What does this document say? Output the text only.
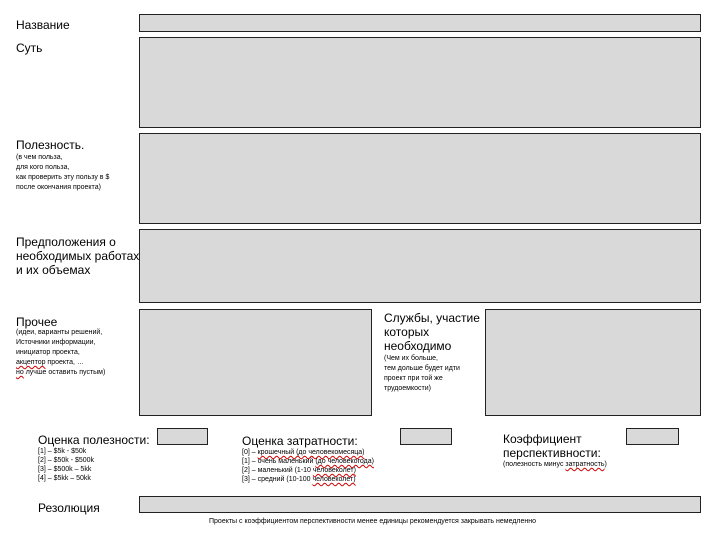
Название
Суть
Полезность.
(в чем польза,
для кого польза,
как проверить эту пользу в $
после окончания проекта)
Предположения о
необходимых работах
и их объемах
Прочее
(идеи, варианты решений,
Источники информации,
инициатор проекта,
акцептор проекта, …
но лучше оставить пустым)
Службы, участие
которых
необходимо
(Чем их больше,
тем дольше будет идти
проект при той же
трудоемкости)
Оценка полезности:
[1] – $5k - $50k
[2] – $50k - $500k
[3] – $500k – 5kk
[4] – $5kk – 50kk
Оценка затратности:
[0] – крошечный (до человекомесяца)
[1] – очень маленький (до человекогода)
[2] – маленький (1-10 человеколет)
[3] – средний (10-100 человеколет)
Коэффициент
перспективности:
(полезность минус затратность)
Резолюция
Проекты с коэффициентом перспективности менее единицы рекомендуется закрывать немедленно
